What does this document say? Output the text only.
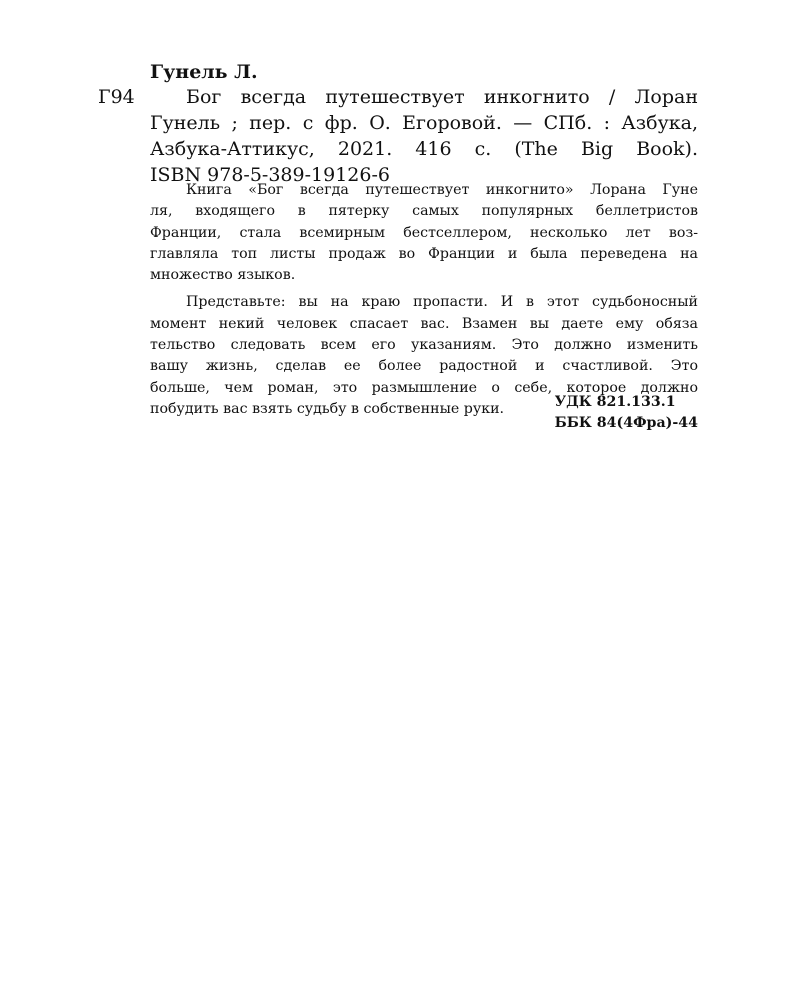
Гунель Л.
Г94	Бог всегда путешествует инкогнито / Лоран
Гунель ; пер. с фр. О. Егоровой. — СПб. : Азбука,
Азбука-Аттикус, 2021. 416 с. (The Big Book).
ISBN 978-5-389-19126-6
Книга «Бог всегда путешествует инкогнито» Лорана Гуне
ля, входящего в пятерку самых популярных беллетристов
Франции, стала всемирным бестселлером, несколько лет воз-
главляла топ листы продаж во Франции и была переведена на
множество языков.
Представьте: вы на краю пропасти. И в этот судьбоносный
момент некий человек спасает вас. Взамен вы даете ему обяза
тельство следовать всем его указаниям. Это должно изменить
вашу жизнь, сделав ее более радостной и счастливой. Это
больше, чем роман, это размышление о себе, которое должно
побудить вас взять судьбу в собственные руки.	УДК 821.133.1
ББК 84(4Фра)-44
